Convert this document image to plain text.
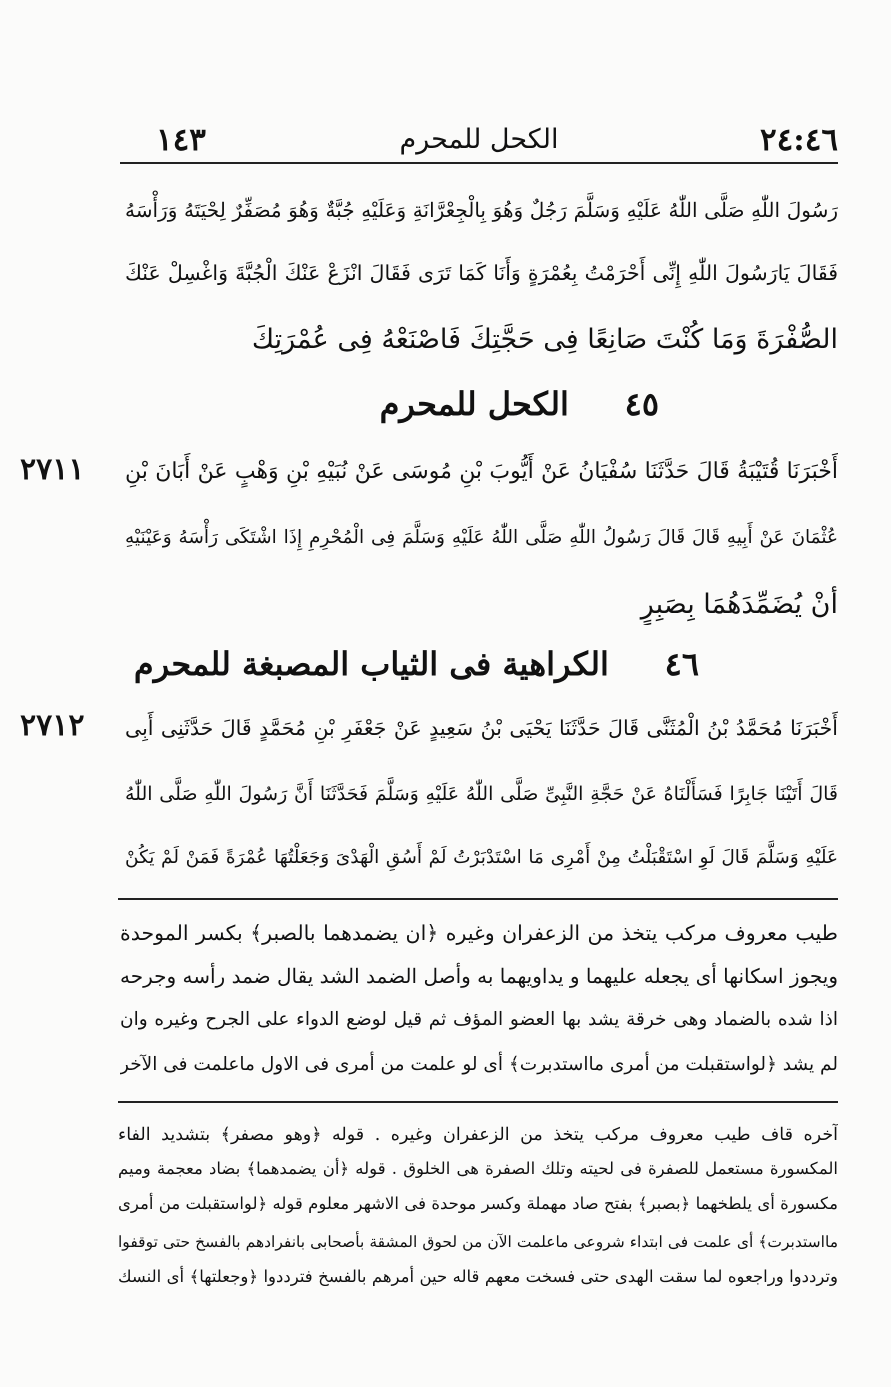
٢٤:٤٦
الكحل للمحرم
١٤٣
رَسُولَ اللّٰهِ صَلَّى اللّٰهُ عَلَيْهِ وَسَلَّمَ رَجُلٌ وَهُوَ بِالْجِعْرَّانَةِ وَعَلَيْهِ جُبَّةٌ وَهُوَ مُصَفِّرٌ لِحْيَتَهُ وَرَأْسَهُ
فَقَالَ يَارَسُولَ اللّٰهِ إِنِّى أَحْرَمْتُ بِعُمْرَةٍ وَأَنَا كَمَا تَرَى فَقَالَ انْزَعْ عَنْكَ الْجُبَّةَ وَاغْسِلْ عَنْكَ
الصُّفْرَةَ وَمَا كُنْتَ صَانِعًا فِى حَجَّتِكَ فَاصْنَعْهُ فِى عُمْرَتِكَ
٤٥     الكحل للمحرم
٢٧١١ أَخْبَرَنَا قُتَيْبَةُ قَالَ حَدَّثَنَا سُفْيَانُ عَنْ أَيُّوبَ بْنِ مُوسَى عَنْ نُبَيْهِ بْنِ وَهْبٍ عَنْ أَبَانَ بْنِ
عُثْمَانَ عَنْ أَبِيهِ قَالَ قَالَ رَسُولُ اللّٰهِ صَلَّى اللّٰهُ عَلَيْهِ وَسَلَّمَ فِى الْمُحْرِمِ إِذَا اشْتَكَى رَأْسَهُ وَعَيْنَيْهِ
أَنْ يُضَمِّدَهُمَا بِصَبِرٍ
٤٦     الكراهية فى الثياب المصبغة للمحرم
٢٧١٢ أَخْبَرَنَا مُحَمَّدُ بْنُ الْمُثَنَّى قَالَ حَدَّثَنَا يَحْيَى بْنُ سَعِيدٍ عَنْ جَعْفَرِ بْنِ مُحَمَّدٍ قَالَ حَدَّثَنِى أَبِى
قَالَ أَتَيْنَا جَابِرًا فَسَأَلْنَاهُ عَنْ حَجَّةِ النَّبِىِّ صَلَّى اللّٰهُ عَلَيْهِ وَسَلَّمَ فَحَدَّثَنَا أَنَّ رَسُولَ اللّٰهِ صَلَّى اللّٰهُ
عَلَيْهِ وَسَلَّمَ قَالَ لَوِ اسْتَقْبَلْتُ مِنْ أَمْرِى مَا اسْتَدْبَرْتُ لَمْ أَسُقِ الْهَدْىَ وَجَعَلْتُهَا عُمْرَةً فَمَنْ لَمْ يَكُنْ
طيب معروف مركب يتخذ من الزعفران وغيره ﴿ان يضمدهما بالصبر﴾ بكسر الموحدة
ويجوز اسكانها أى يجعله عليهما و يداويهما به وأصل الضمد الشد يقال ضمد رأسه وجرحه
اذا شده بالضماد وهى خرقة يشد بها العضو المؤف ثم قيل لوضع الدواء على الجرح وغيره وان
لم يشد ﴿لواستقبلت من أمرى مااستدبرت﴾ أى لو علمت من أمرى فى الاول ماعلمت فى الآخر
آخره قاف طيب معروف مركب يتخذ من الزعفران وغيره . قوله ﴿وهو مصفر﴾ بتشديد الفاء
المكسورة مستعمل للصفرة فى لحيته وتلك الصفرة هى الخلوق . قوله ﴿أن يضمدهما﴾ بضاد معجمة وميم
مكسورة أى يلطخهما ﴿بصبر﴾ بفتح صاد مهملة وكسر موحدة فى الاشهر معلوم قوله ﴿لواستقبلت من أمرى
مااستدبرت﴾ أى علمت فى ابتداء شروعى ماعلمت الآن من لحوق المشقة بأصحابى بانفرادهم بالفسخ حتى توقفوا
وترددوا وراجعوه لما سقت الهدى حتى فسخت معهم قاله حين أمرهم بالفسخ فترددوا ﴿وجعلتها﴾ أى النسك
